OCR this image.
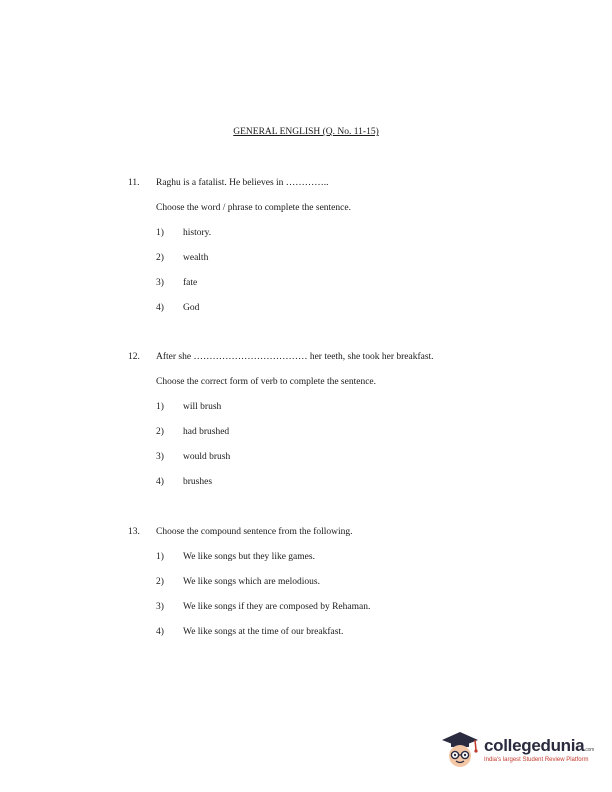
GENERAL ENGLISH (Q. No. 11-15)
11. Raghu is a fatalist. He believes in …………..
Choose the word / phrase to complete the sentence.
1) history.
2) wealth
3) fate
4) God
12. After she ……………………………… her teeth, she took her breakfast.
Choose the correct form of verb to complete the sentence.
1) will brush
2) had brushed
3) would brush
4) brushes
13. Choose the compound sentence from the following.
1) We like songs but they like games.
2) We like songs which are melodious.
3) We like songs if they are composed by Rehaman.
4) We like songs at the time of our breakfast.
collegedunia.com
India's largest Student Review Platform
